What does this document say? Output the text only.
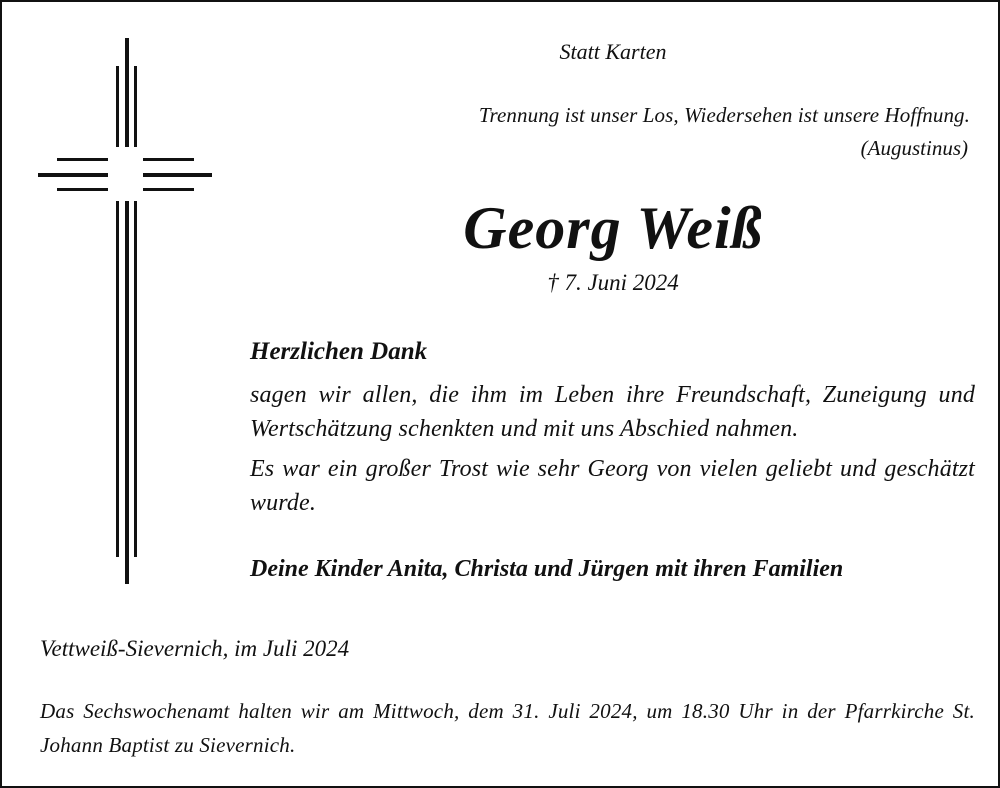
Statt Karten

Trennung ist unser Los, Wiedersehen ist unsere Hoffnung.

(Augustinus)

Georg Weiß

† 7. Juni 2024

Herzlichen Dank

sagen wir allen, die ihm im Leben ihre Freundschaft, Zuneigung und Wertschätzung schenkten und mit uns Abschied nahmen.

Es war ein großer Trost wie sehr Georg von vielen geliebt und geschätzt wurde.

Deine Kinder Anita, Christa und Jürgen mit ihren Familien

Vettweiß-Sievernich, im Juli 2024

Das Sechswochenamt halten wir am Mittwoch, dem 31. Juli 2024, um 18.30 Uhr in der Pfarrkirche St. Johann Baptist zu Sievernich.
